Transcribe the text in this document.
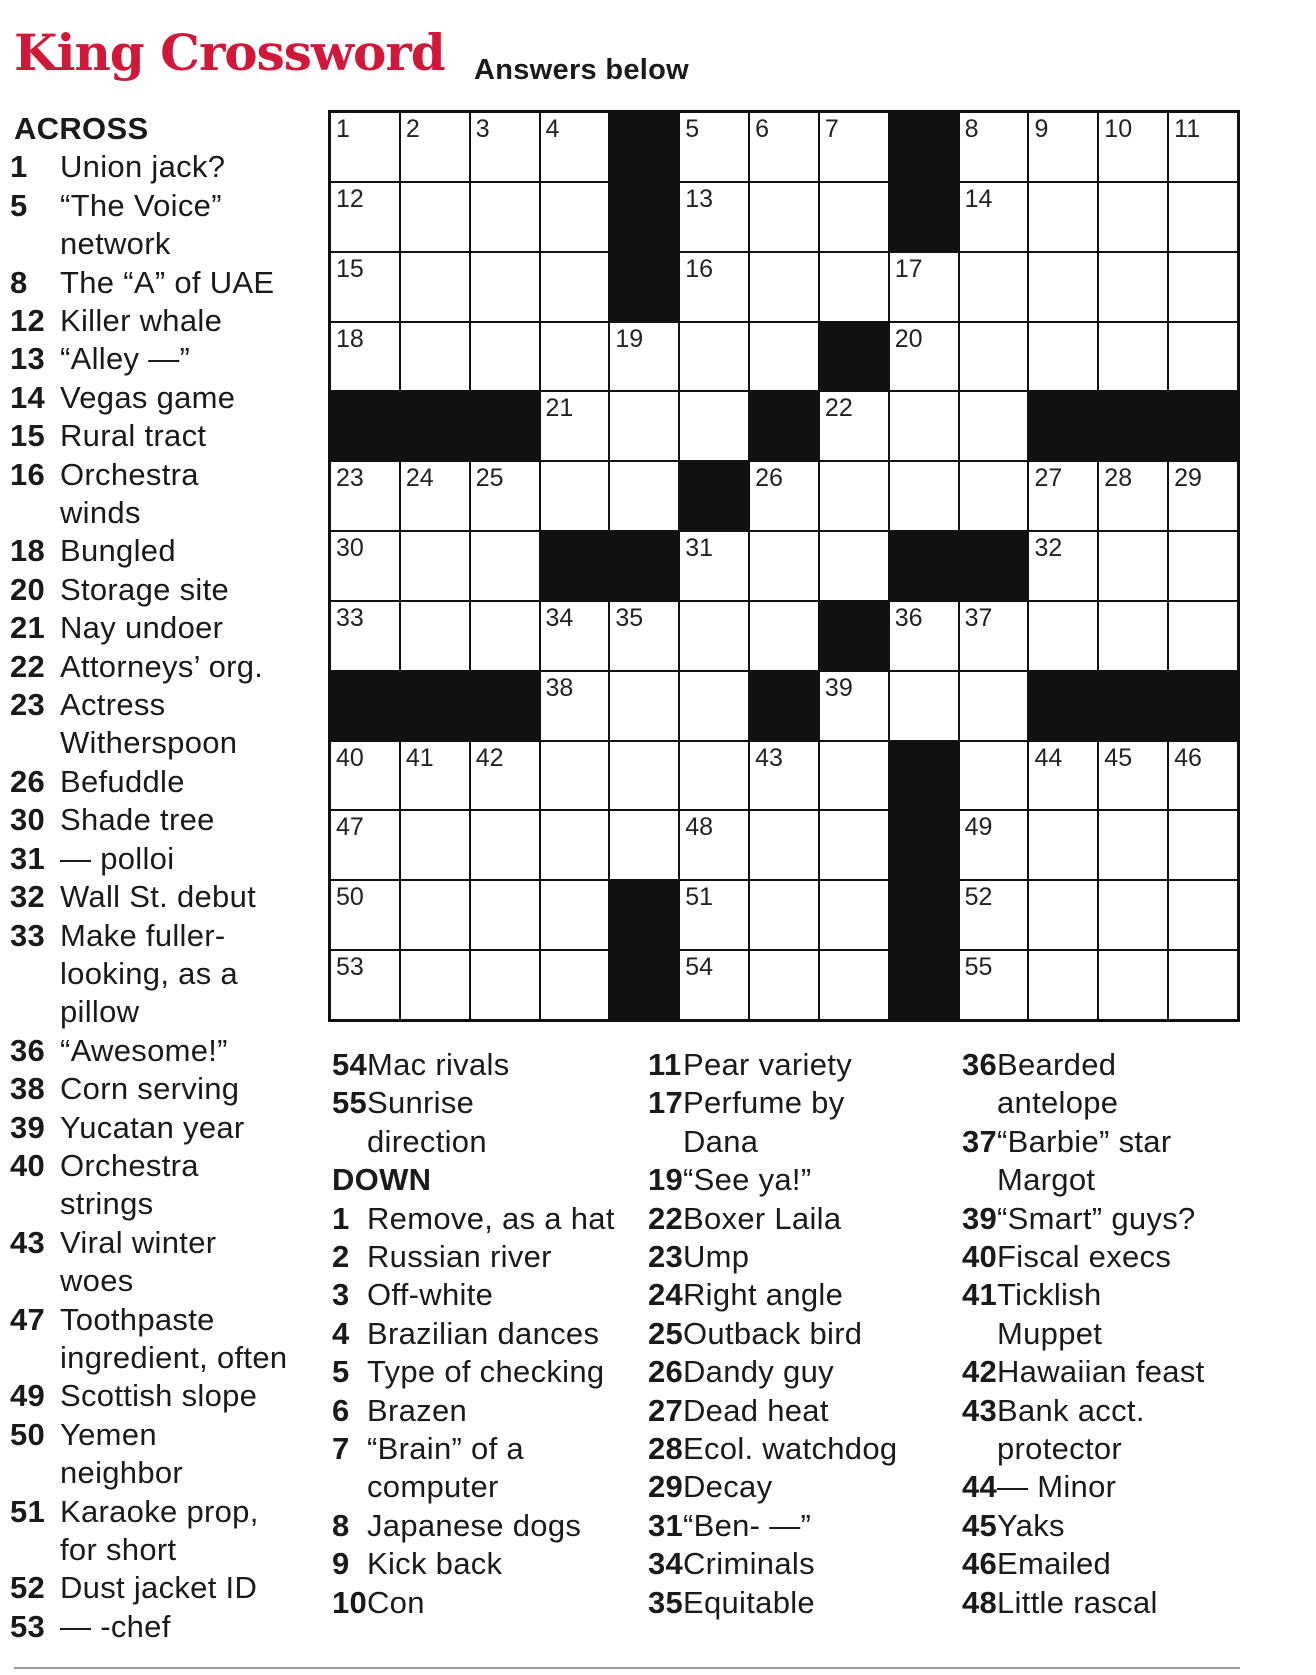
King Crossword Answers below
1 2 3 4	5 6 7	8 9 10 11
12	13	14
15	16	17
18	19	20
21	22
23 24 25	26	27 28 29
30	31	32
33	34 35	36 37
38	39
40 41 42	43	44 45 46
47	48	49
50	51	52
53	54	55
ACROSS
1 Union jack?
5 “The Voice”
network
8 The “A” of UAE
12 Killer whale
13 “Alley —”
14 Vegas game
15 Rural tract
16 Orchestra
winds
18 Bungled
20 Storage site
21 Nay undoer
22 Attorneys’ org.
23 Actress
Witherspoon
26 Befuddle
30 Shade tree
31 — polloi
32 Wall St. debut
33 Make fuller-
looking, as a
pillow
36 “Awesome!”
38 Corn serving
39 Yucatan year
40 Orchestra
strings
43 Viral winter
woes
47 Toothpaste
ingredient, often
49 Scottish slope
50 Yemen
neighbor
51 Karaoke prop,
for short
52 Dust jacket ID
53 — -chef
54 Mac rivals
55 Sunrise
direction
DOWN
1 Remove, as a hat
2 Russian river
3 Off-white
4 Brazilian dances
5 Type of checking
6 Brazen
7 “Brain” of a
computer
8 Japanese dogs
9 Kick back
10 Con
11 Pear variety
17 Perfume by
Dana
19 “See ya!”
22 Boxer Laila
23 Ump
24 Right angle
25 Outback bird
26 Dandy guy
27 Dead heat
28 Ecol. watchdog
29 Decay
31 “Ben- —”
34 Criminals
35 Equitable
36 Bearded
antelope
37 “Barbie” star
Margot
39 “Smart” guys?
40 Fiscal execs
41 Ticklish
Muppet
42 Hawaiian feast
43 Bank acct.
protector
44 — Minor
45 Yaks
46 Emailed
48 Little rascal
